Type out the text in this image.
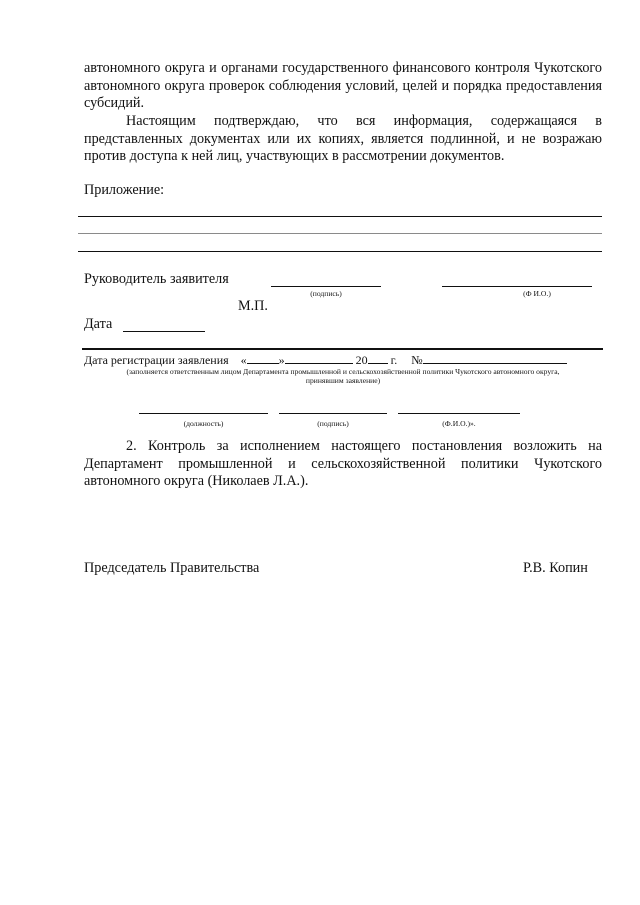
автономного округа и органами государственного финансового контроля Чукотского автономного округа проверок соблюдения условий, целей и порядка предоставления субсидий.
Настоящим подтверждаю, что вся информация, содержащаяся в представленных документах или их копиях, является подлинной, и не возражаю против доступа к ней лиц, участвующих в рассмотрении документов.
Приложение:
Руководитель заявителя
(подпись)	(Ф И.О.)
М.П.
Дата
Дата регистрации заявления «	»	20 г. №
(заполняется ответственным лицом Департамента промышленной и сельскохозяйственной политики Чукотского автономного округа,
принявшим заявление)
(должность)	(подпись)	(Ф.И.О.)».
2. Контроль за исполнением настоящего постановления возложить на Департамент промышленной и сельскохозяйственной политики Чукотского автономного округа (Николаев Л.А.).
Председатель Правительства	Р.В. Копин
